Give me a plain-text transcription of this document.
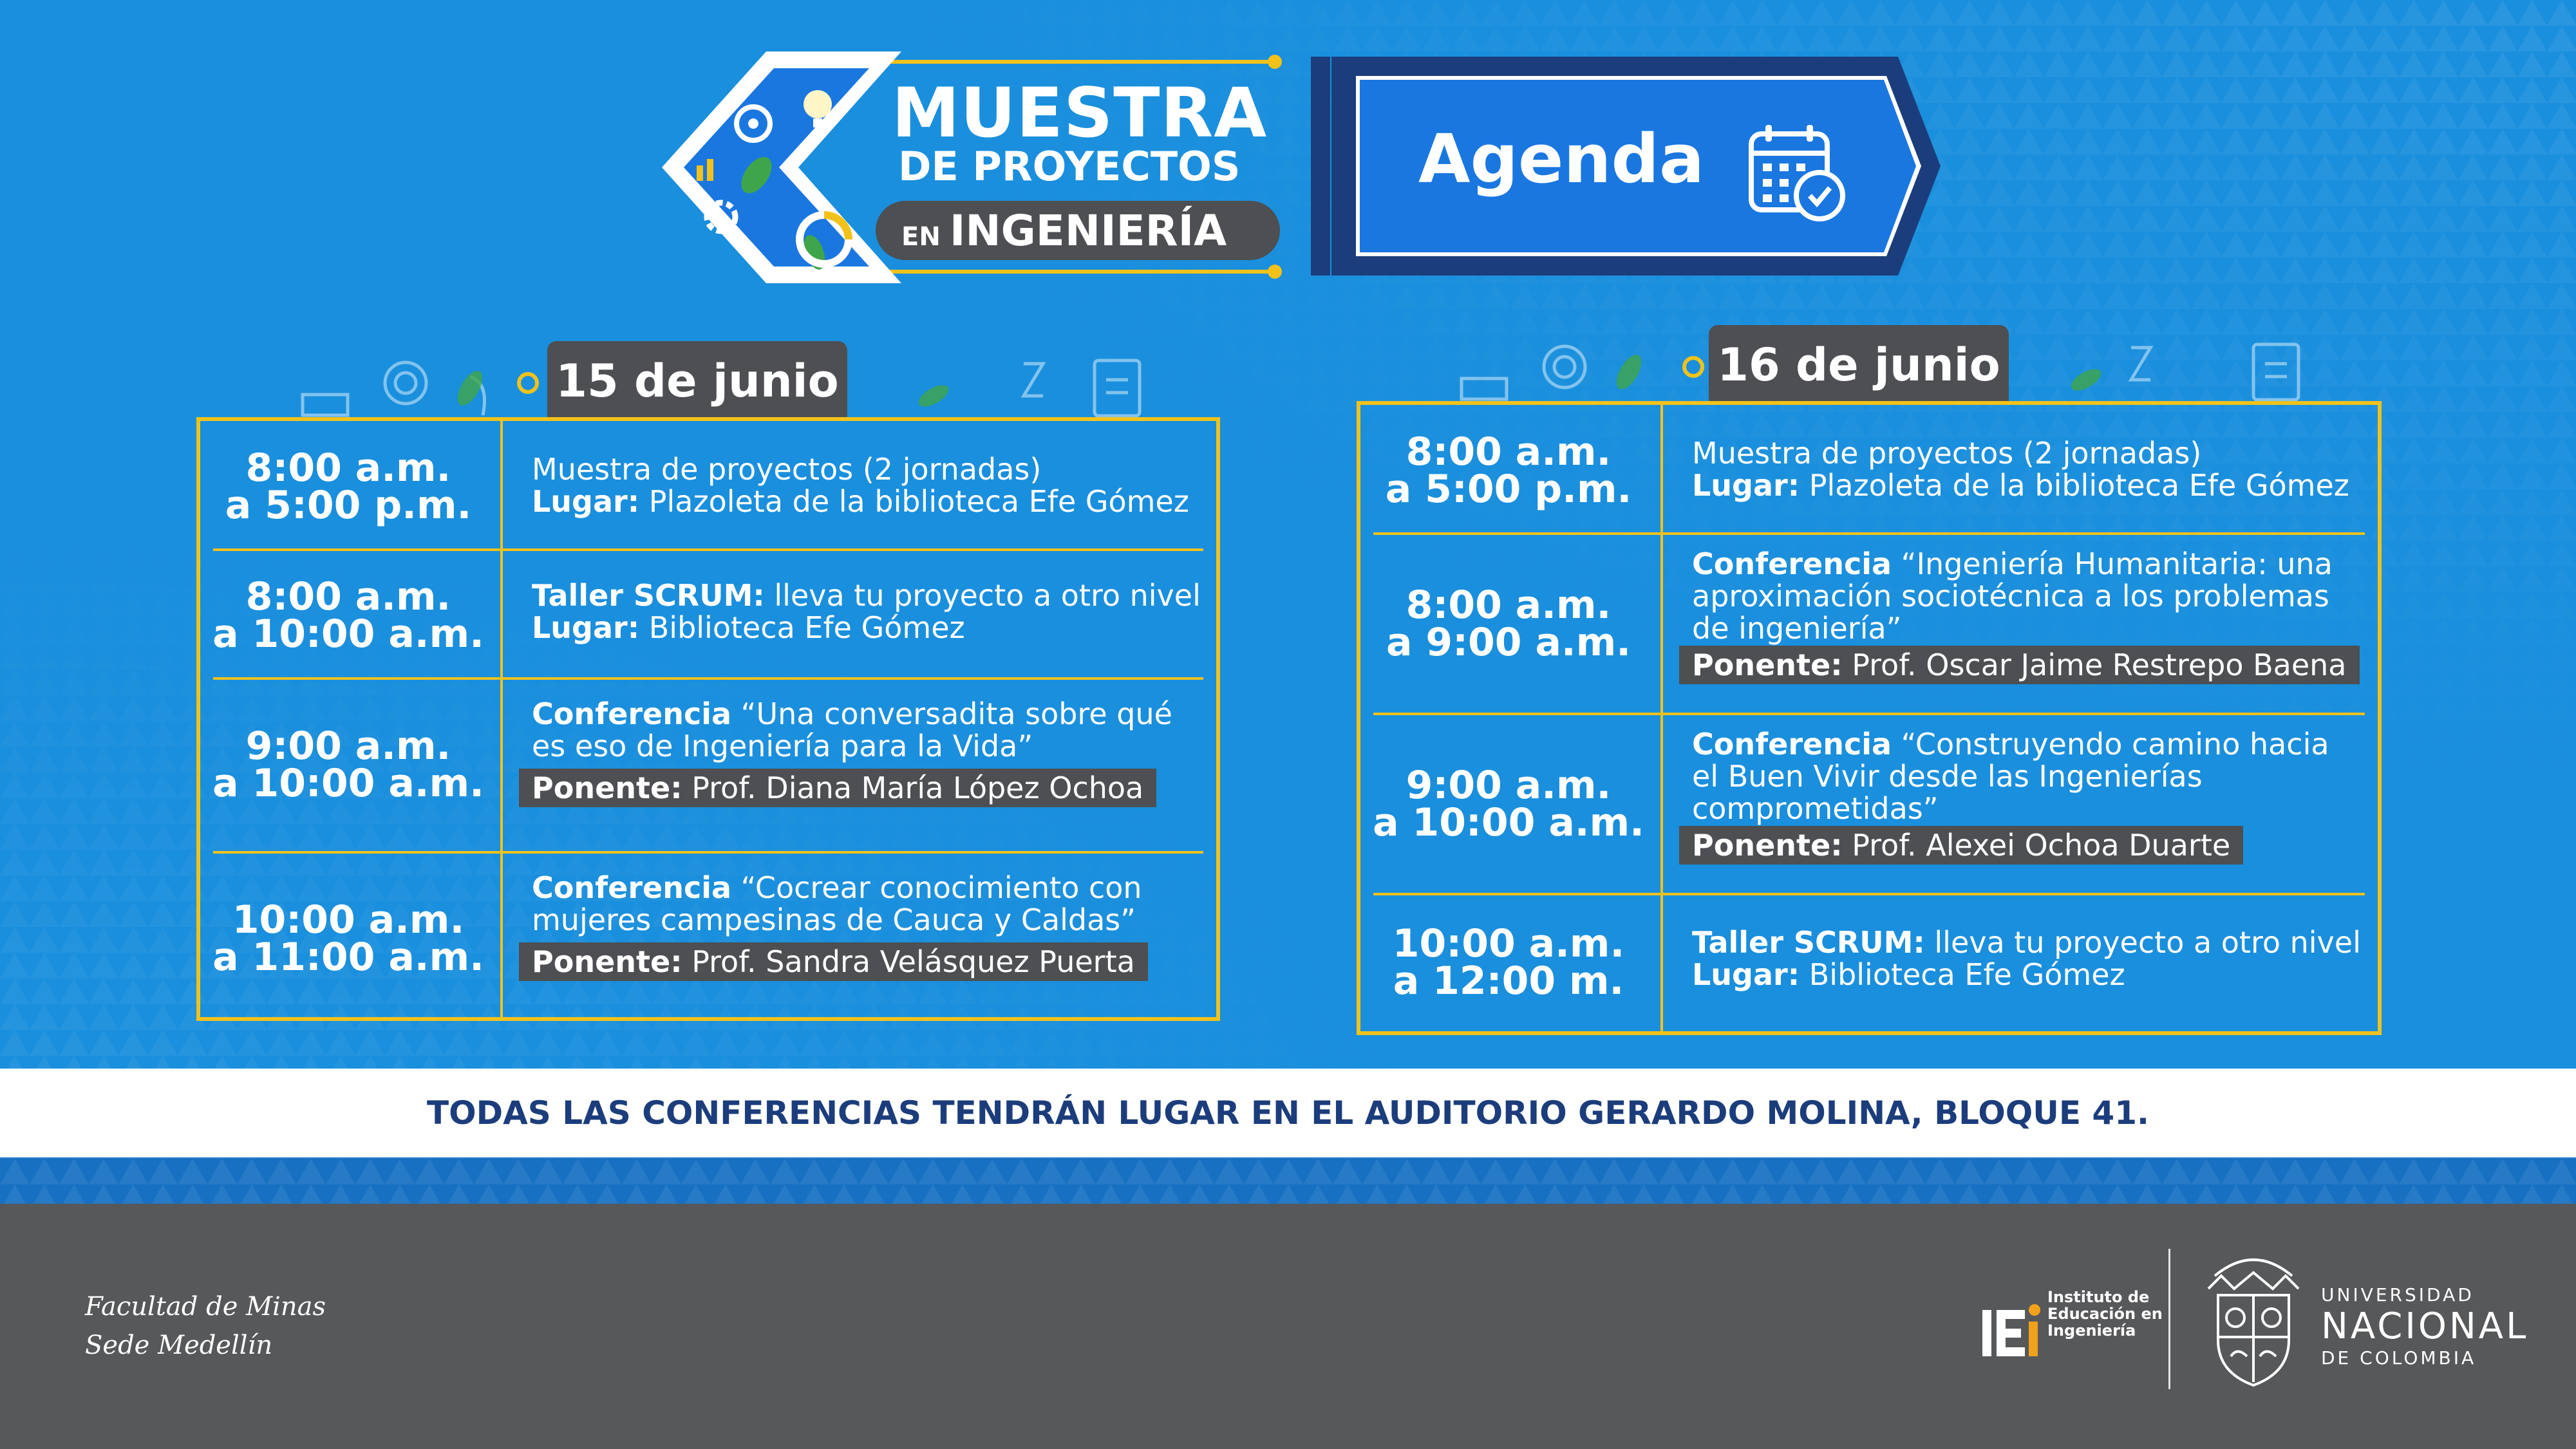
MUESTRA
DE PROYECTOS
EN INGENIERÍA
Agenda
15 de junio
8:00 a.m.
a 5:00 p.m.
Muestra de proyectos (2 jornadas)
Lugar: Plazoleta de la biblioteca Efe Gómez
8:00 a.m.
a 10:00 a.m.
Taller SCRUM: lleva tu proyecto a otro nivel
Lugar: Biblioteca Efe Gómez
9:00 a.m.
a 10:00 a.m.
Conferencia “Una conversadita sobre qué
es eso de Ingeniería para la Vida”
Ponente: Prof. Diana María López Ochoa
10:00 a.m.
a 11:00 a.m.
Conferencia “Cocrear conocimiento con
mujeres campesinas de Cauca y Caldas”
Ponente: Prof. Sandra Velásquez Puerta
16 de junio
8:00 a.m.
a 5:00 p.m.
Muestra de proyectos (2 jornadas)
Lugar: Plazoleta de la biblioteca Efe Gómez
8:00 a.m.
a 9:00 a.m.
Conferencia “Ingeniería Humanitaria: una
aproximación sociotécnica a los problemas
de ingeniería”
Ponente: Prof. Oscar Jaime Restrepo Baena
9:00 a.m.
a 10:00 a.m.
Conferencia “Construyendo camino hacia
el Buen Vivir desde las Ingenierías
comprometidas”
Ponente: Prof. Alexei Ochoa Duarte
10:00 a.m.
a 12:00 m.
Taller SCRUM: lleva tu proyecto a otro nivel
Lugar: Biblioteca Efe Gómez
TODAS LAS CONFERENCIAS TENDRÁN LUGAR EN EL AUDITORIO GERARDO MOLINA, BLOQUE 41.
Facultad de Minas
Sede Medellín
Instituto de
Educación en
Ingeniería
UNIVERSIDAD
NACIONAL
DE COLOMBIA
